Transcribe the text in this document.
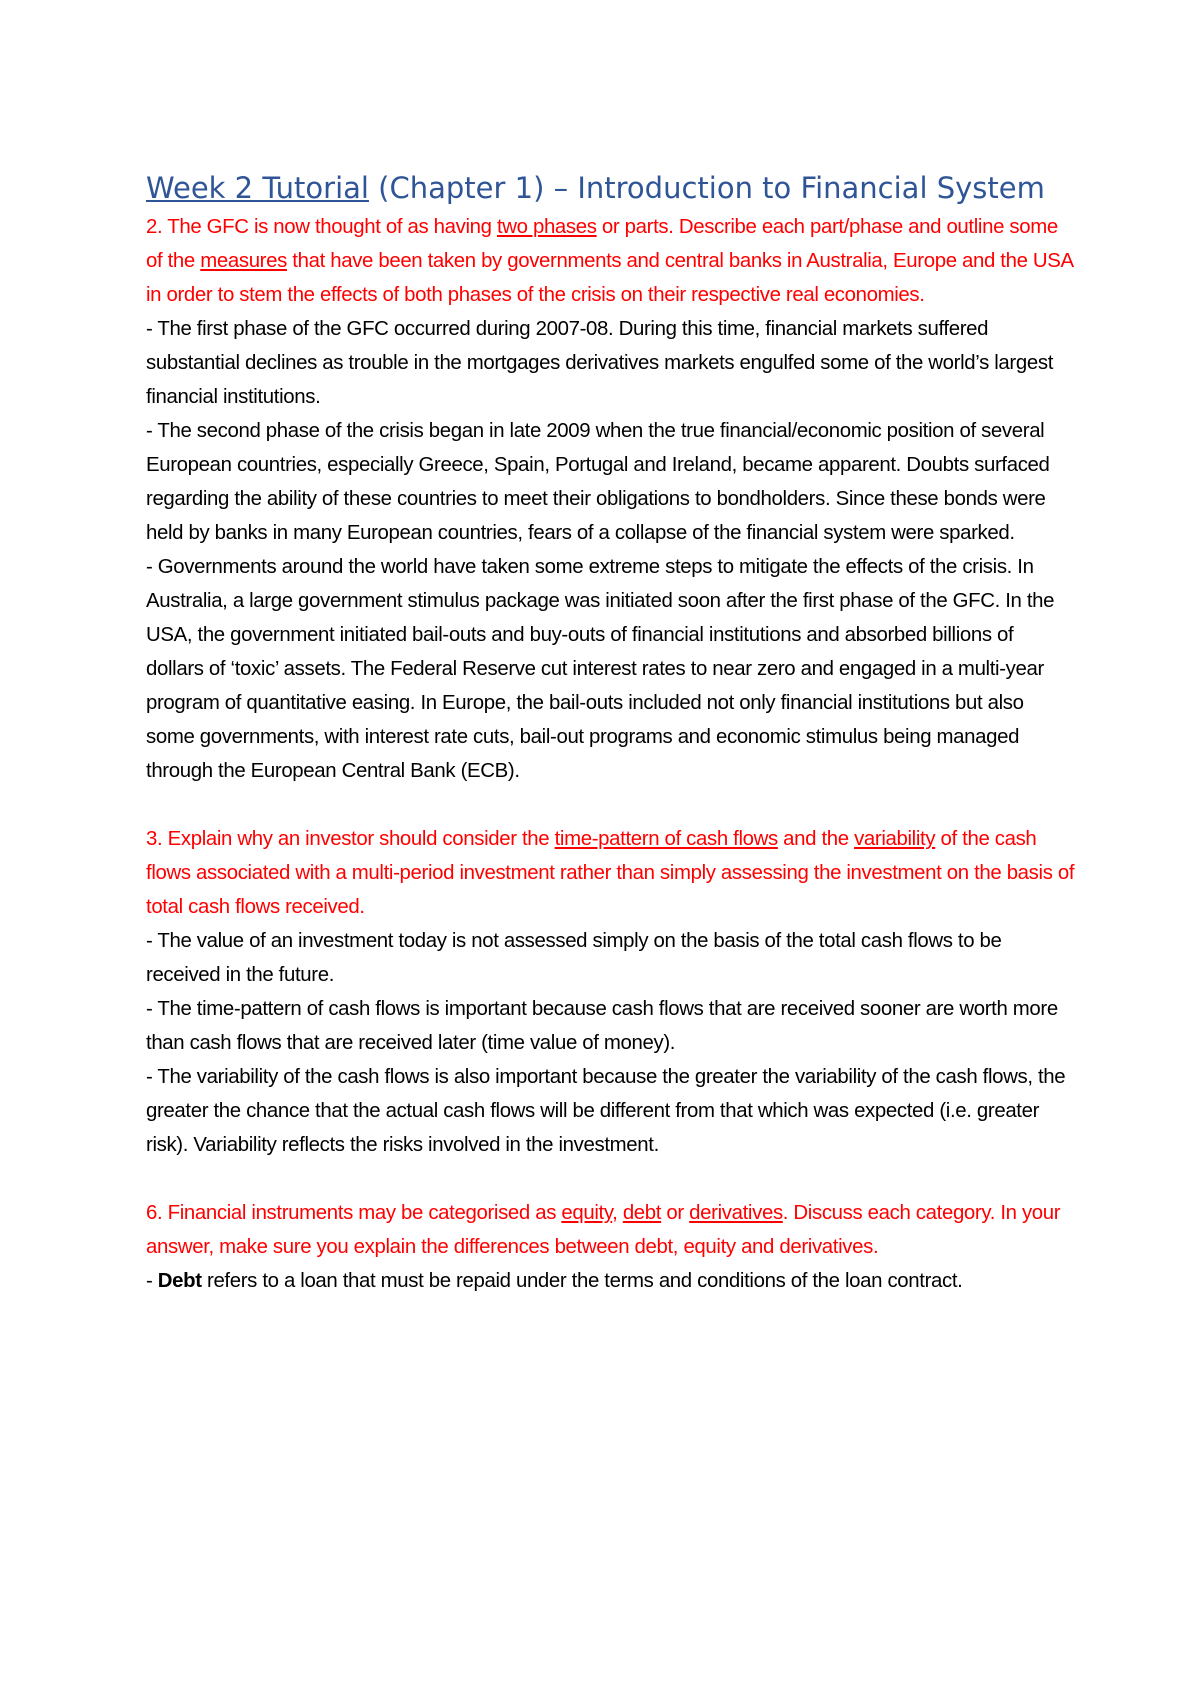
Week 2 Tutorial (Chapter 1) – Introduction to Financial System

2. The GFC is now thought of as having two phases or parts. Describe each part/phase and outline some of the measures that have been taken by governments and central banks in Australia, Europe and the USA in order to stem the effects of both phases of the crisis on their respective real economies.

- The first phase of the GFC occurred during 2007-08. During this time, financial markets suffered substantial declines as trouble in the mortgages derivatives markets engulfed some of the world’s largest financial institutions.

- The second phase of the crisis began in late 2009 when the true financial/economic position of several European countries, especially Greece, Spain, Portugal and Ireland, became apparent. Doubts surfaced regarding the ability of these countries to meet their obligations to bondholders. Since these bonds were held by banks in many European countries, fears of a collapse of the financial system were sparked.

- Governments around the world have taken some extreme steps to mitigate the effects of the crisis. In Australia, a large government stimulus package was initiated soon after the first phase of the GFC. In the USA, the government initiated bail-outs and buy-outs of financial institutions and absorbed billions of dollars of ‘toxic’ assets. The Federal Reserve cut interest rates to near zero and engaged in a multi-year program of quantitative easing. In Europe, the bail-outs included not only financial institutions but also some governments, with interest rate cuts, bail-out programs and economic stimulus being managed through the European Central Bank (ECB).

3. Explain why an investor should consider the time-pattern of cash flows and the variability of the cash flows associated with a multi-period investment rather than simply assessing the investment on the basis of total cash flows received.

- The value of an investment today is not assessed simply on the basis of the total cash flows to be received in the future.

- The time-pattern of cash flows is important because cash flows that are received sooner are worth more than cash flows that are received later (time value of money).

- The variability of the cash flows is also important because the greater the variability of the cash flows, the greater the chance that the actual cash flows will be different from that which was expected (i.e. greater risk). Variability reflects the risks involved in the investment.

6. Financial instruments may be categorised as equity, debt or derivatives. Discuss each category. In your answer, make sure you explain the differences between debt, equity and derivatives.

- Debt refers to a loan that must be repaid under the terms and conditions of the loan contract.
